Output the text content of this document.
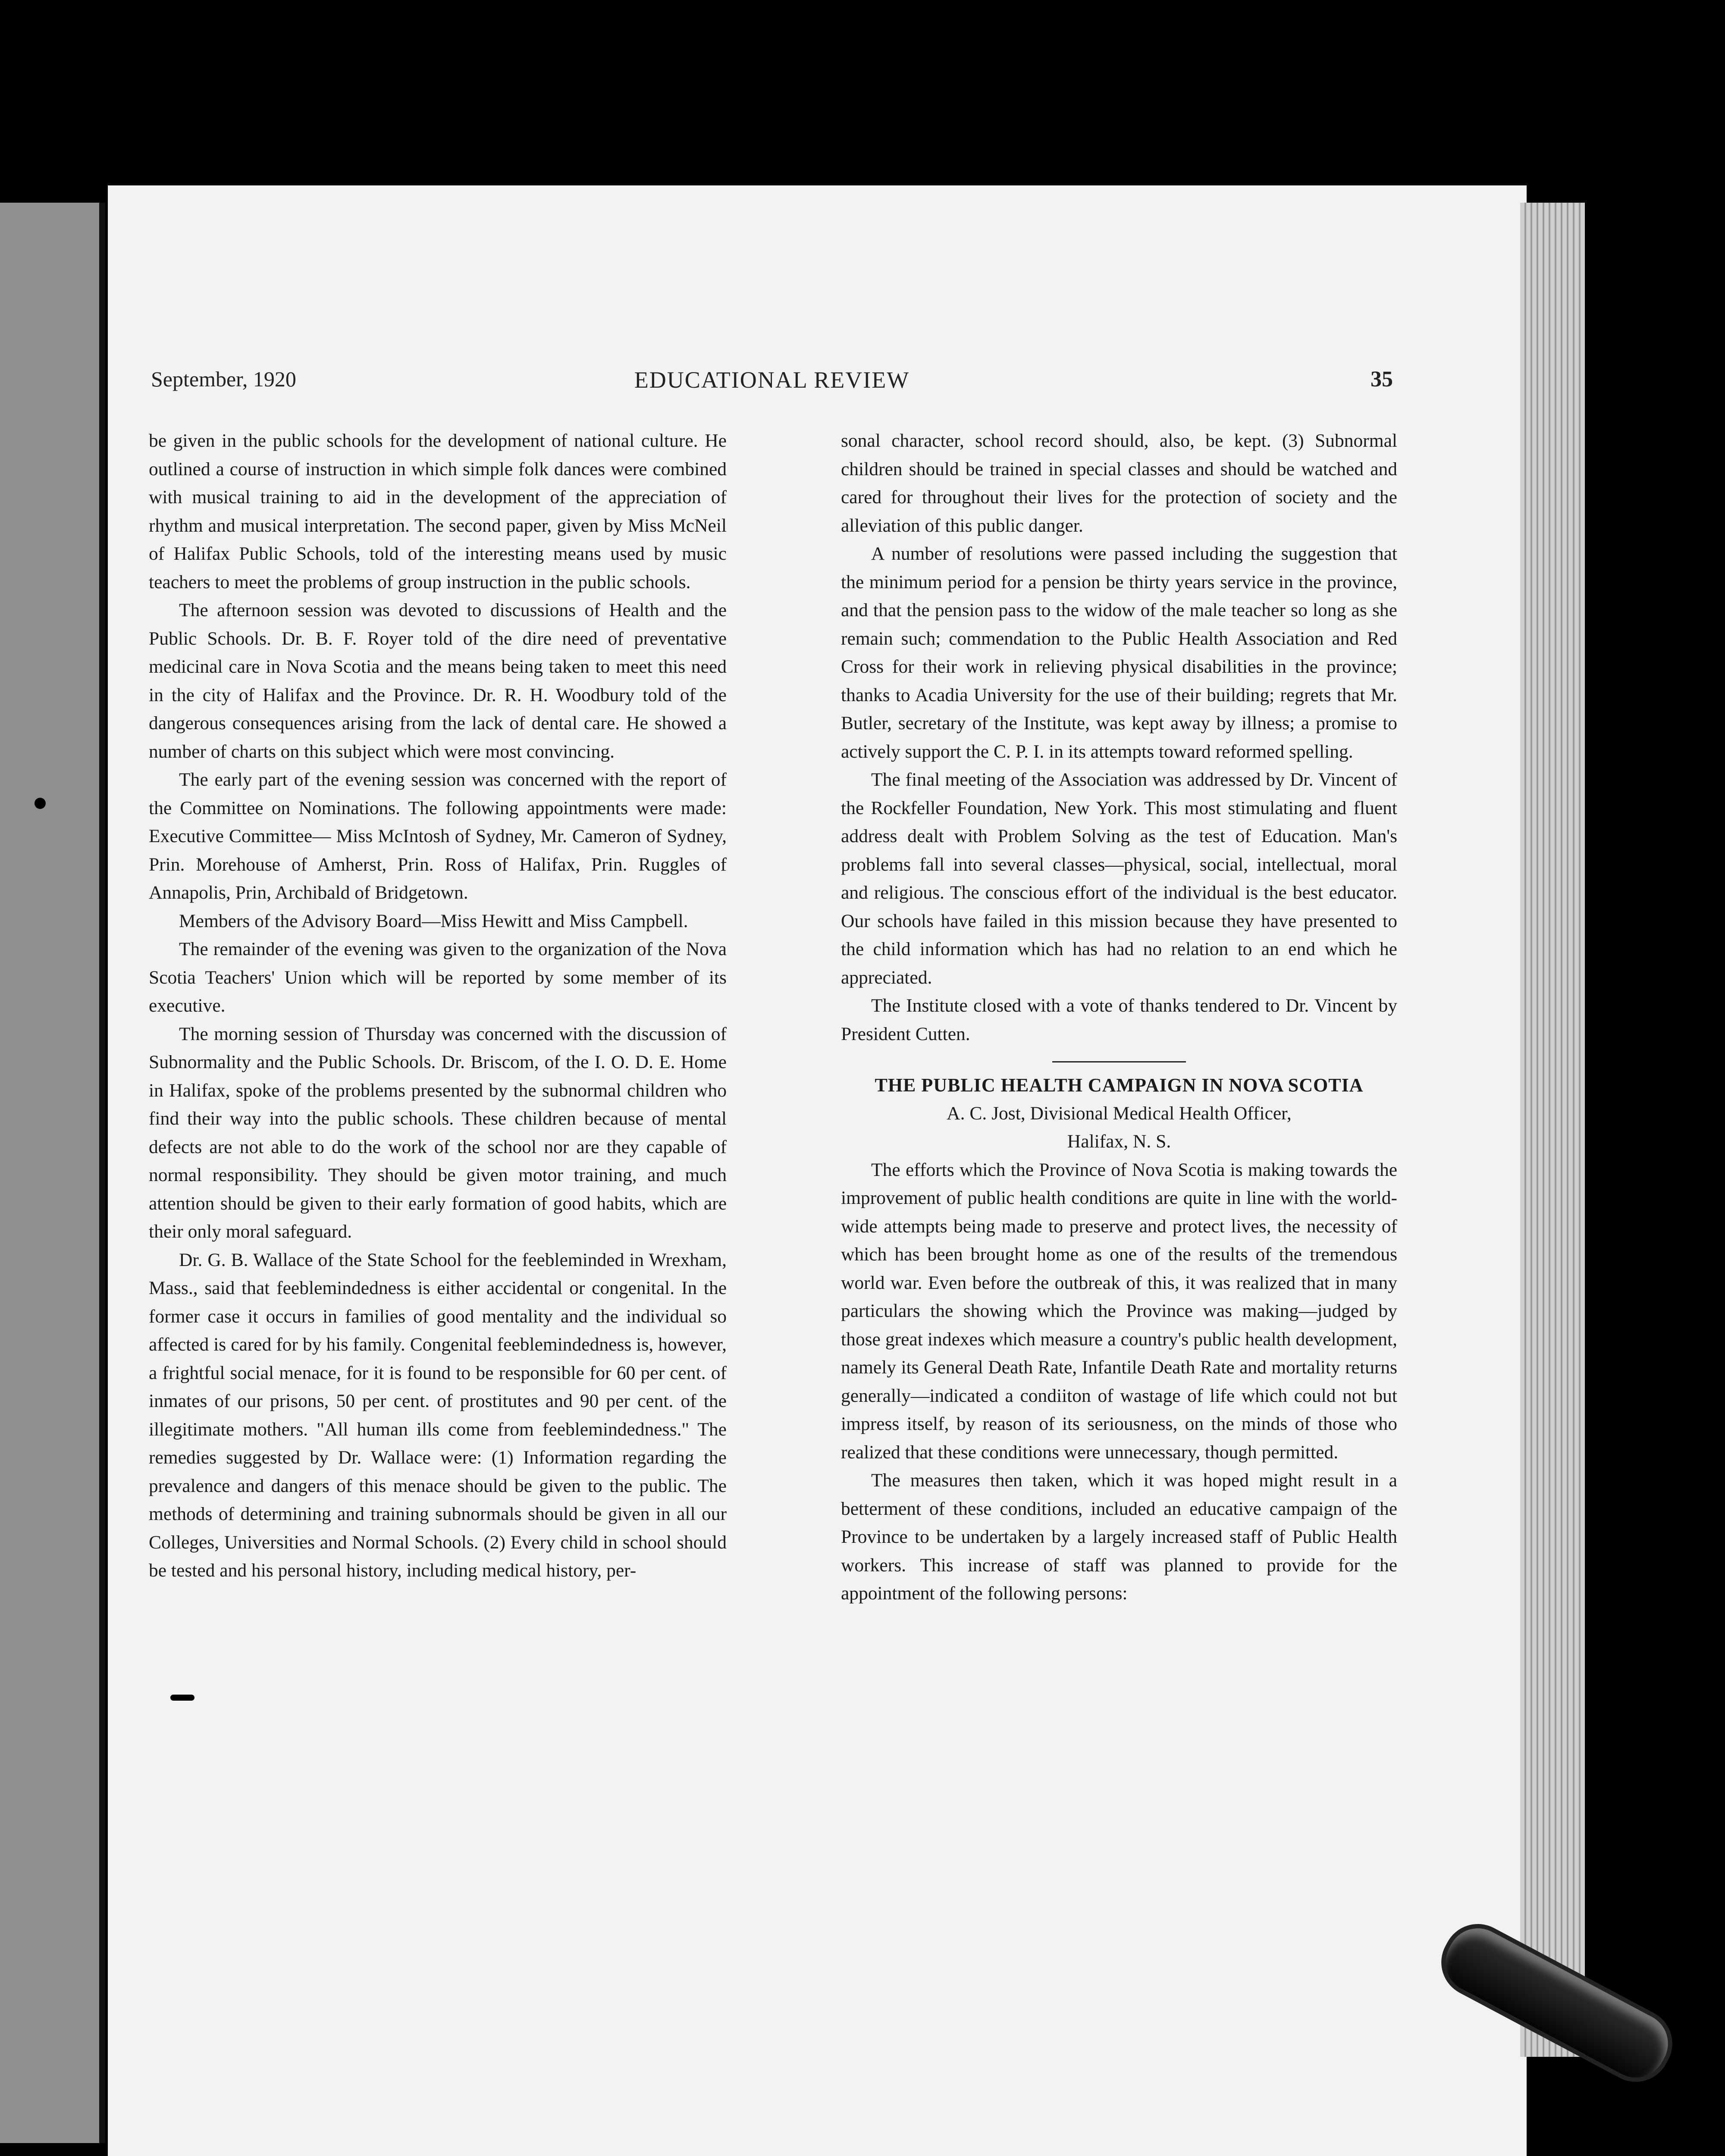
September, 1920	EDUCATIONAL REVIEW	35

be given in the public schools for the development of national culture. He outlined a course of instruction in which simple folk dances were combined with musical training to aid in the development of the appreciation of rhythm and musical interpretation. The second paper, given by Miss McNeil of Halifax Public Schools, told of the interesting means used by music teachers to meet the problems of group instruction in the public schools.

The afternoon session was devoted to discussions of Health and the Public Schools. Dr. B. F. Royer told of the dire need of preventative medicinal care in Nova Scotia and the means being taken to meet this need in the city of Halifax and the Province. Dr. R. H. Woodbury told of the dangerous consequences arising from the lack of dental care. He showed a number of charts on this subject which were most convincing.

The early part of the evening session was concerned with the report of the Committee on Nominations. The following appointments were made: Executive Committee— Miss McIntosh of Sydney, Mr. Cameron of Sydney, Prin. Morehouse of Amherst, Prin. Ross of Halifax, Prin. Ruggles of Annapolis, Prin, Archibald of Bridgetown.

Members of the Advisory Board—Miss Hewitt and Miss Campbell.

The remainder of the evening was given to the organization of the Nova Scotia Teachers' Union which will be reported by some member of its executive.

The morning session of Thursday was concerned with the discussion of Subnormality and the Public Schools. Dr. Briscom, of the I. O. D. E. Home in Halifax, spoke of the problems presented by the subnormal children who find their way into the public schools. These children because of mental defects are not able to do the work of the school nor are they capable of normal responsibility. They should be given motor training, and much attention should be given to their early formation of good habits, which are their only moral safeguard.

Dr. G. B. Wallace of the State School for the feebleminded in Wrexham, Mass., said that feeblemindedness is either accidental or congenital. In the former case it occurs in families of good mentality and the individual so affected is cared for by his family. Congenital feeblemindedness is, however, a frightful social menace, for it is found to be responsible for 60 per cent. of inmates of our prisons, 50 per cent. of prostitutes and 90 per cent. of the illegitimate mothers. "All human ills come from feeblemindedness." The remedies suggested by Dr. Wallace were: (1) Information regarding the prevalence and dangers of this menace should be given to the public. The methods of determining and training subnormals should be given in all our Colleges, Universities and Normal Schools. (2) Every child in school should be tested and his personal history, including medical history, per-

sonal character, school record should, also, be kept. (3) Subnormal children should be trained in special classes and should be watched and cared for throughout their lives for the protection of society and the alleviation of this public danger.

A number of resolutions were passed including the suggestion that the minimum period for a pension be thirty years service in the province, and that the pension pass to the widow of the male teacher so long as she remain such; commendation to the Public Health Association and Red Cross for their work in relieving physical disabilities in the province; thanks to Acadia University for the use of their building; regrets that Mr. Butler, secretary of the Institute, was kept away by illness; a promise to actively support the C. P. I. in its attempts toward reformed spelling.

The final meeting of the Association was addressed by Dr. Vincent of the Rockfeller Foundation, New York. This most stimulating and fluent address dealt with Problem Solving as the test of Education. Man's problems fall into several classes—physical, social, intellectual, moral and religious. The conscious effort of the individual is the best educator. Our schools have failed in this mission because they have presented to the child information which has had no relation to an end which he appreciated.

The Institute closed with a vote of thanks tendered to Dr. Vincent by President Cutten.

THE PUBLIC HEALTH CAMPAIGN IN NOVA SCOTIA

A. C. Jost, Divisional Medical Health Officer,

Halifax, N. S.

The efforts which the Province of Nova Scotia is making towards the improvement of public health conditions are quite in line with the world-wide attempts being made to preserve and protect lives, the necessity of which has been brought home as one of the results of the tremendous world war. Even before the outbreak of this, it was realized that in many particulars the showing which the Province was making—judged by those great indexes which measure a country's public health development, namely its General Death Rate, Infantile Death Rate and mortality returns generally—indicated a condiiton of wastage of life which could not but impress itself, by reason of its seriousness, on the minds of those who realized that these conditions were unnecessary, though permitted.

The measures then taken, which it was hoped might result in a betterment of these conditions, included an educative campaign of the Province to be undertaken by a largely increased staff of Public Health workers. This increase of staff was planned to provide for the appointment of the following persons:
